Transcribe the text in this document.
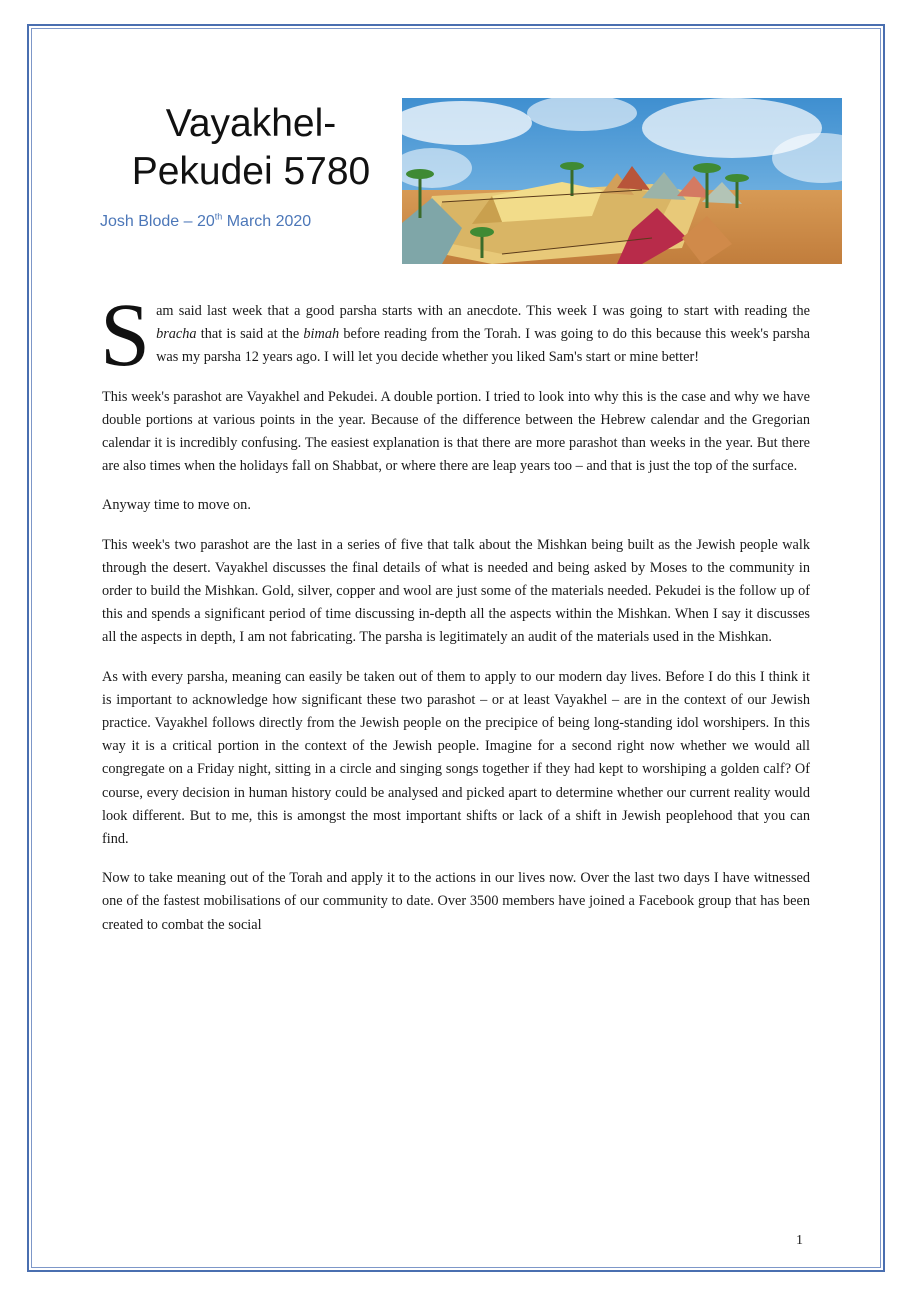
Vayakhel-
Pekudei 5780
Josh Blode – 20th March 2020

Sam said last week that a good parsha starts with an anecdote. This week I was going to start with reading the bracha that is said at the bimah before reading from the Torah. I was going to do this because this week's parsha was my parsha 12 years ago. I will let you decide whether you liked Sam's start or mine better!

This week's parashot are Vayakhel and Pekudei. A double portion. I tried to look into why this is the case and why we have double portions at various points in the year. Because of the difference between the Hebrew calendar and the Gregorian calendar it is incredibly confusing. The easiest explanation is that there are more parashot than weeks in the year. But there are also times when the holidays fall on Shabbat, or where there are leap years too – and that is just the top of the surface.

Anyway time to move on.

This week's two parashot are the last in a series of five that talk about the Mishkan being built as the Jewish people walk through the desert. Vayakhel discusses the final details of what is needed and being asked by Moses to the community in order to build the Mishkan. Gold, silver, copper and wool are just some of the materials needed. Pekudei is the follow up of this and spends a significant period of time discussing in-depth all the aspects within the Mishkan. When I say it discusses all the aspects in depth, I am not fabricating. The parsha is legitimately an audit of the materials used in the Mishkan.

As with every parsha, meaning can easily be taken out of them to apply to our modern day lives. Before I do this I think it is important to acknowledge how significant these two parashot – or at least Vayakhel – are in the context of our Jewish practice. Vayakhel follows directly from the Jewish people on the precipice of being long-standing idol worshipers. In this way it is a critical portion in the context of the Jewish people. Imagine for a second right now whether we would all congregate on a Friday night, sitting in a circle and singing songs together if they had kept to worshiping a golden calf? Of course, every decision in human history could be analysed and picked apart to determine whether our current reality would look different. But to me, this is amongst the most important shifts or lack of a shift in Jewish peoplehood that you can find.

Now to take meaning out of the Torah and apply it to the actions in our lives now. Over the last two days I have witnessed one of the fastest mobilisations of our community to date. Over 3500 members have joined a Facebook group that has been created to combat the social

1
